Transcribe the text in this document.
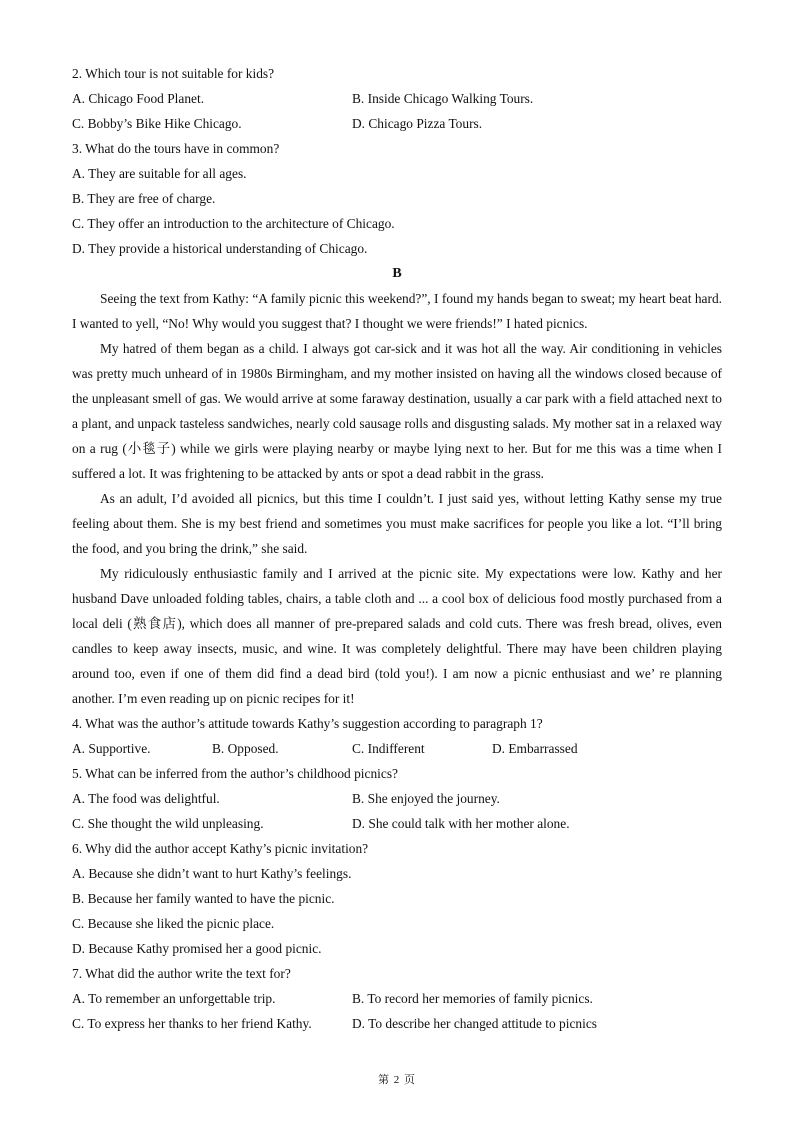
2. Which tour is not suitable for kids?
A. Chicago Food Planet.	B. Inside Chicago Walking Tours.
C. Bobby’s Bike Hike Chicago.	D. Chicago Pizza Tours.
3. What do the tours have in common?
A. They are suitable for all ages.
B. They are free of charge.
C. They offer an introduction to the architecture of Chicago.
D. They provide a historical understanding of Chicago.
B
Seeing the text from Kathy: “A family picnic this weekend?”, I found my hands began to sweat; my heart beat hard. I wanted to yell, “No! Why would you suggest that? I thought we were friends!” I hated picnics.
My hatred of them began as a child. I always got car-sick and it was hot all the way. Air conditioning in vehicles was pretty much unheard of in 1980s Birmingham, and my mother insisted on having all the windows closed because of the unpleasant smell of gas. We would arrive at some faraway destination, usually a car park with a field attached next to a plant, and unpack tasteless sandwiches, nearly cold sausage rolls and disgusting salads. My mother sat in a relaxed way on a rug (小毯子) while we girls were playing nearby or maybe lying next to her. But for me this was a time when I suffered a lot. It was frightening to be attacked by ants or spot a dead rabbit in the grass.
As an adult, I’d avoided all picnics, but this time I couldn’t. I just said yes, without letting Kathy sense my true feeling about them. She is my best friend and sometimes you must make sacrifices for people you like a lot. “I’ll bring the food, and you bring the drink,” she said.
My ridiculously enthusiastic family and I arrived at the picnic site. My expectations were low. Kathy and her husband Dave unloaded folding tables, chairs, a table cloth and ... a cool box of delicious food mostly purchased from a local deli (熟食店), which does all manner of pre-prepared salads and cold cuts. There was fresh bread, olives, even candles to keep away insects, music, and wine. It was completely delightful. There may have been children playing around too, even if one of them did find a dead bird (told you!). I am now a picnic enthusiast and we’ re planning another. I’m even reading up on picnic recipes for it!
4. What was the author’s attitude towards Kathy’s suggestion according to paragraph 1?
A. Supportive.	B. Opposed.	C. Indifferent	D. Embarrassed
5. What can be inferred from the author’s childhood picnics?
A. The food was delightful.	B. She enjoyed the journey.
C. She thought the wild unpleasing.	D. She could talk with her mother alone.
6. Why did the author accept Kathy’s picnic invitation?
A. Because she didn’t want to hurt Kathy’s feelings.
B. Because her family wanted to have the picnic.
C. Because she liked the picnic place.
D. Because Kathy promised her a good picnic.
7. What did the author write the text for?
A. To remember an unforgettable trip.	B. To record her memories of family picnics.
C. To express her thanks to her friend Kathy.	D. To describe her changed attitude to picnics
第 2 页
